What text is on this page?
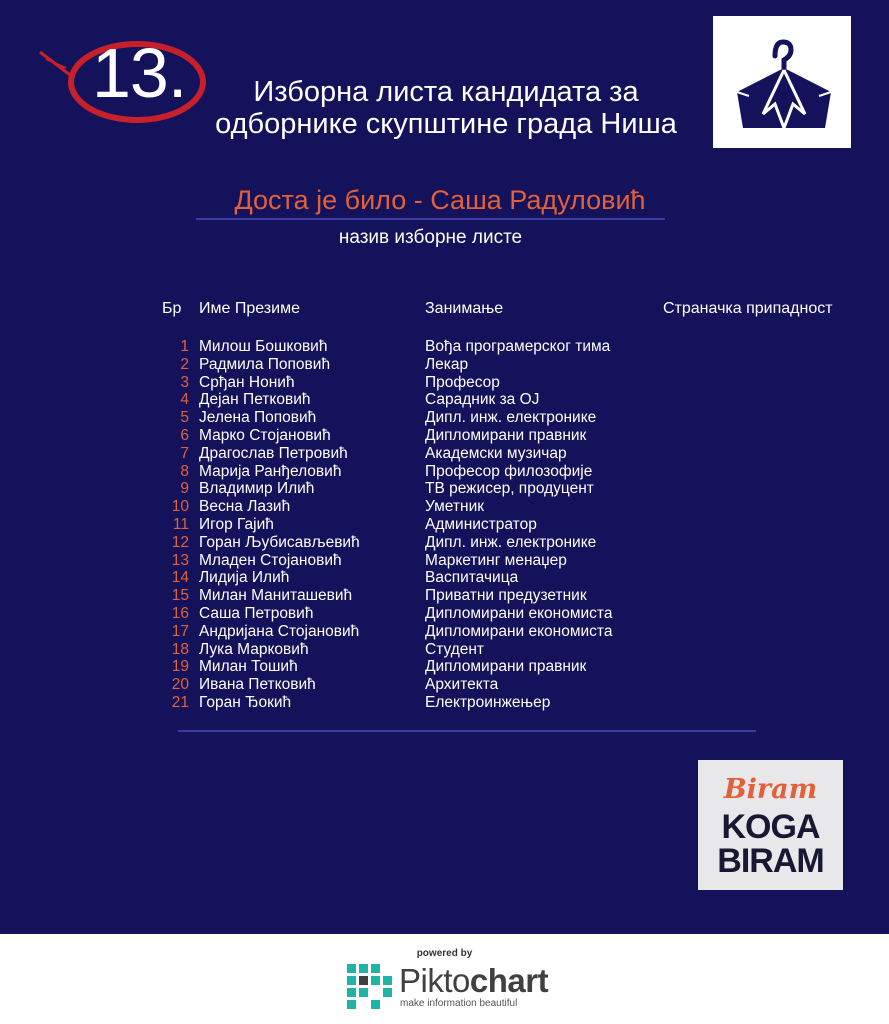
13.	Изборна листа кандидата за
одборнике скупштине града Ниша
Доста је било - Саша Радуловић
назив изборне листе
Бр Име Презиме	Занимање	Страначка припадност
1 Милош Бошковић	Вођа програмерског тима
2 Радмила Поповић	Лекар
3 Срђан Нонић	Професор
4 Дејан Петковић	Сарадник за ОЈ
5 Јелена Поповић	Дипл. инж. електронике
6 Марко Стојановић	Дипломирани правник
7 Драгослав Петровић	Академски музичар
8 Марија Ранђеловић	Професор филозофије
9 Владимир Илић	ТВ режисер, продуцент
10 Весна Лазић	Уметник
11 Игор Гајић	Администратор
12 Горан Љубисављевић	Дипл. инж. електронике
13 Младен Стојановић	Маркетинг менаџер
14 Лидија Илић	Васпитачица
15 Милан Маниташевић	Приватни предузетник
16 Саша Петровић	Дипломирани економиста
17 Андријана Стојановић	Дипломирани економиста
18 Лука Марковић	Студент
19 Милан Тошић	Дипломирани правник
20 Ивана Петковић	Архитекта
21 Горан Ђокић	Електроинжењер
Biram
KOGA
BIRAM
powered by
Piktochart
make information beautiful
